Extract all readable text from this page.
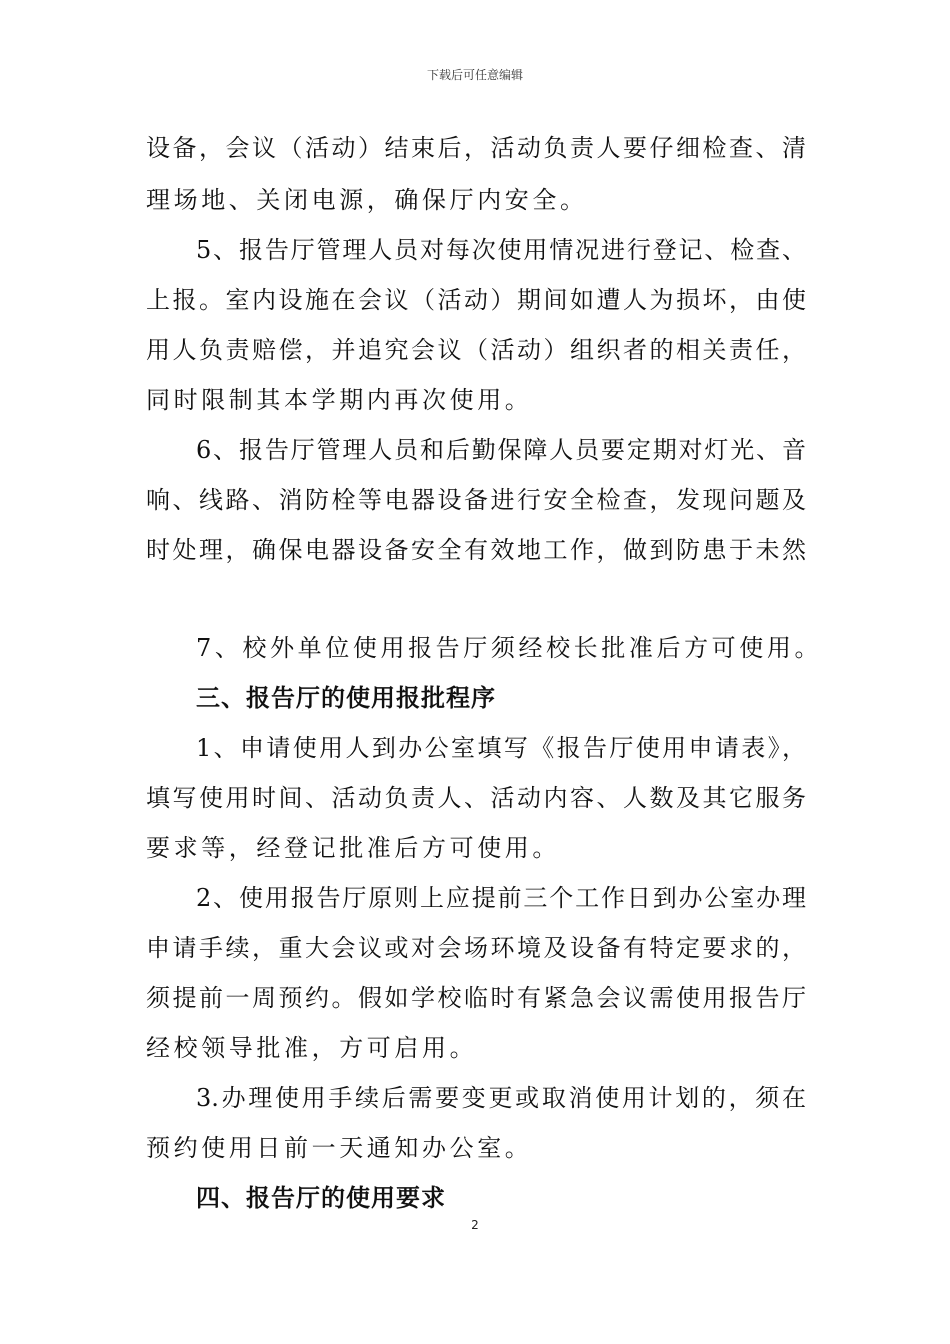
下载后可任意编辑
设备，会议（活动）结束后，活动负责人要仔细检查、清
理场地、关闭电源，确保厅内安全。
5、报告厅管理人员对每次使用情况进行登记、检查、
上报。室内设施在会议（活动）期间如遭人为损坏，由使
用人负责赔偿，并追究会议（活动）组织者的相关责任，
同时限制其本学期内再次使用。
6、报告厅管理人员和后勤保障人员要定期对灯光、音
响、线路、消防栓等电器设备进行安全检查，发现问题及
时处理，确保电器设备安全有效地工作，做到防患于未然
7、校外单位使用报告厅须经校长批准后方可使用。
三、报告厅的使用报批程序
1、申请使用人到办公室填写《报告厅使用申请表》，
填写使用时间、活动负责人、活动内容、人数及其它服务
要求等，经登记批准后方可使用。
2、使用报告厅原则上应提前三个工作日到办公室办理
申请手续，重大会议或对会场环境及设备有特定要求的，
须提前一周预约。假如学校临时有紧急会议需使用报告厅
经校领导批准，方可启用。
3.办理使用手续后需要变更或取消使用计划的，须在
预约使用日前一天通知办公室。
四、报告厅的使用要求
2
